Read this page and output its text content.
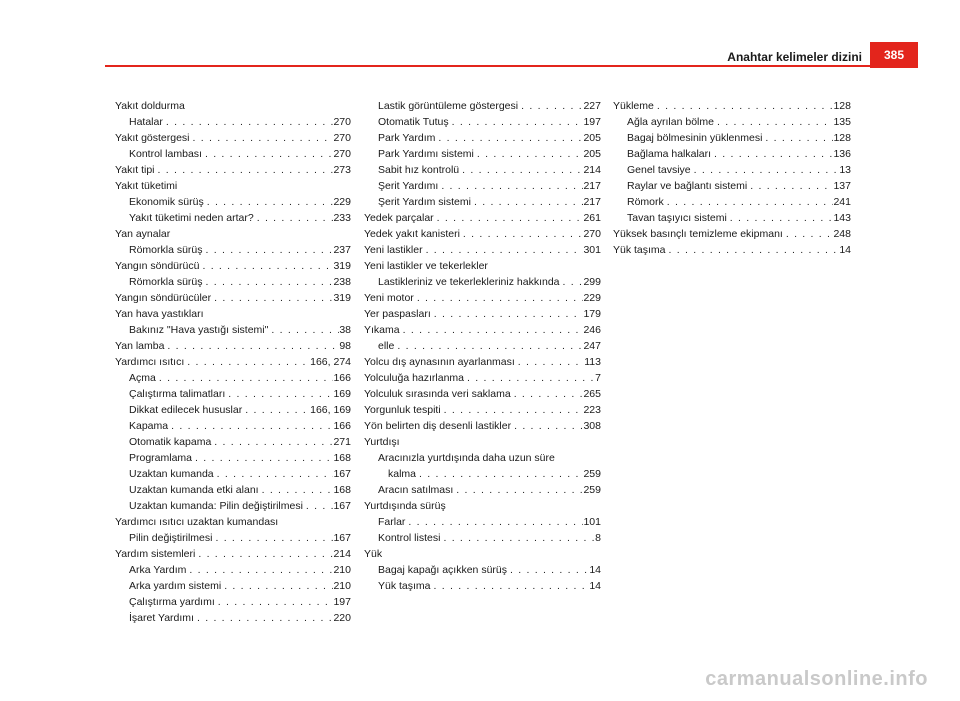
Anahtar kelimeler dizini	385
Yakıt doldurma
Hatalar . . .	270
Yakıt göstergesi . . .	270
Kontrol lambası . . .	270
Yakıt tipi . . .	273
Yakıt tüketimi
Ekonomik sürüş . . .	229
Yakıt tüketimi neden artar? . . .	233
Yan aynalar
Römorkla sürüş . . .	237
Yangın söndürücü . . .	319
Römorkla sürüş . . .	238
Yangın söndürücüler . . .	319
Yan hava yastıkları
Bakınız "Hava yastığı sistemi" . . .	38
Yan lamba . . .	98
Yardımcı ısıtıcı . . .	166, 274
Açma . . .	166
Çalıştırma talimatları . . .	169
Dikkat edilecek hususlar . . .	166, 169
Kapama . . .	166
Otomatik kapama . . .	271
Programlama . . .	168
Uzaktan kumanda . . .	167
Uzaktan kumanda etki alanı . . .	168
Uzaktan kumanda: Pilin değiştirilmesi . . .	167
Yardımcı ısıtıcı uzaktan kumandası
Pilin değiştirilmesi . . .	167
Yardım sistemleri . . .	214
Arka Yardım . . .	210
Arka yardım sistemi . . .	210
Çalıştırma yardımı . . .	197
İşaret Yardımı . . .	220
Lastik görüntüleme göstergesi . . .	227
Otomatik Tutuş . . .	197
Park Yardım . . .	205
Park Yardımı sistemi . . .	205
Sabit hız kontrolü . . .	214
Şerit Yardımı . . .	217
Şerit Yardım sistemi . . .	217
Yedek parçalar . . .	261
Yedek yakıt kanisteri . . .	270
Yeni lastikler . . .	301
Yeni lastikler ve tekerlekler
Lastikleriniz ve tekerlekleriniz hakkında . . . 299
Yeni motor . . .	229
Yer paspasları . . .	179
Yıkama . . .	246
elle . . .	247
Yolcu dış aynasının ayarlanması . . .	113
Yolculuğa hazırlanma . . .	7
Yolculuk sırasında veri saklama . . .	265
Yorgunluk tespiti . . .	223
Yön belirten diş desenli lastikler . . .	308
Yurtdışı
Aracınızla yurtdışında daha uzun süre
kalma . . .	259
Aracın satılması . . .	259
Yurtdışında sürüş
Farlar . . .	101
Kontrol listesi . . .	8
Yük
Bagaj kapağı açıkken sürüş . . .	14
Yük taşıma . . .	14
Yükleme . . .	128
Ağla ayrılan bölme . . .	135
Bagaj bölmesinin yüklenmesi . . .	128
Bağlama halkaları . . .	136
Genel tavsiye . . .	13
Raylar ve bağlantı sistemi . . .	137
Römork . . .	241
Tavan taşıyıcı sistemi . . .	143
Yüksek basınçlı temizleme ekipmanı . . .	248
Yük taşıma . . .	14
carmanualsonline.info
